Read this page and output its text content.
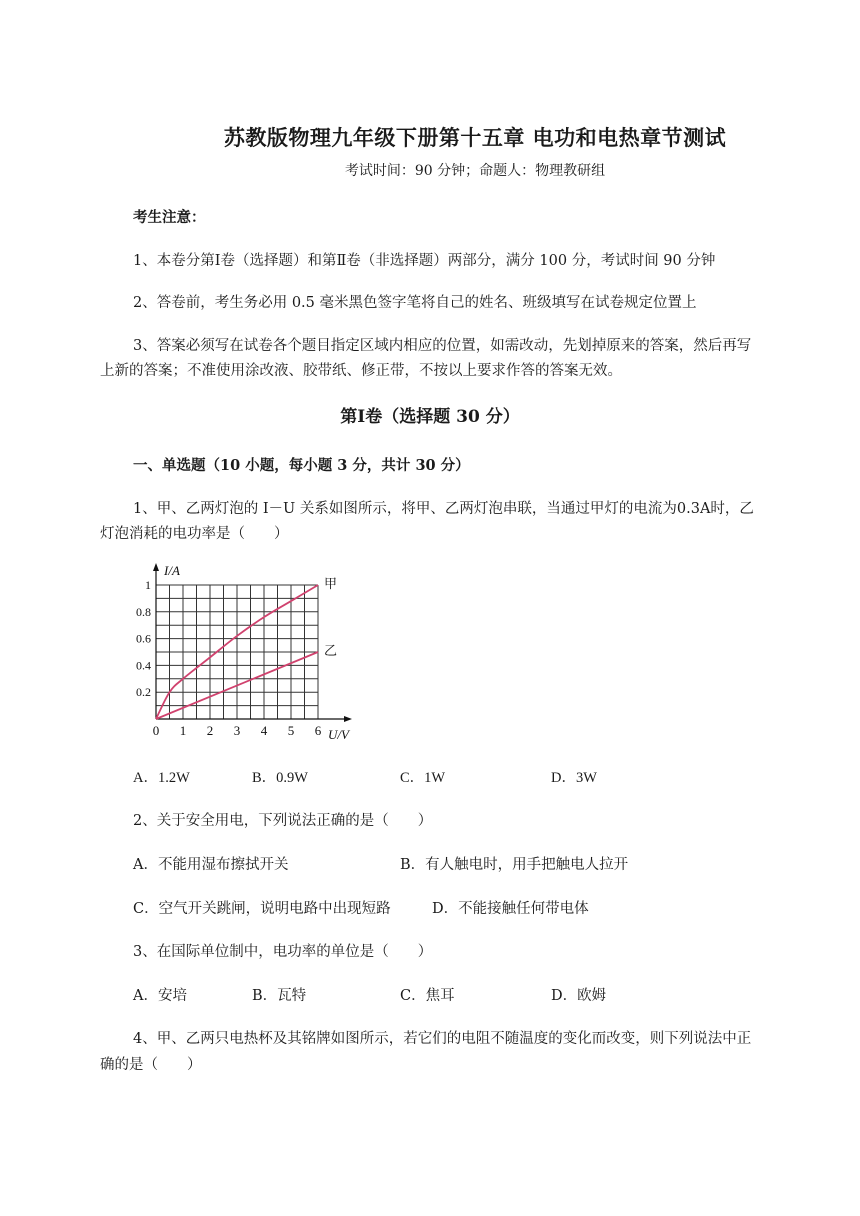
苏教版物理九年级下册第十五章 电功和电热章节测试
考试时间：90 分钟；命题人：物理教研组
考生注意：
1、本卷分第Ⅰ卷（选择题）和第Ⅱ卷（非选择题）两部分，满分 100 分，考试时间 90 分钟
2、答卷前，考生务必用 0.5 毫米黑色签字笔将自己的姓名、班级填写在试卷规定位置上
3、答案必须写在试卷各个题目指定区域内相应的位置，如需改动，先划掉原来的答案，然后再写
上新的答案；不准使用涂改液、胶带纸、修正带，不按以上要求作答的答案无效。
第Ⅰ卷（选择题 30 分）
一、单选题（10 小题，每小题 3 分，共计 30 分）
1、甲、乙两灯泡的 I－U 关系如图所示，将甲、乙两灯泡串联，当通过甲灯的电流为0.3A时，乙
灯泡消耗的电功率是（　　）
0 1 2 3 4 5 6
0.2
0.4
0.6
0.8
1
I/A
U/V
甲
乙
A．1.2W	B．0.9W	C．1W	D．3W
2、关于安全用电，下列说法正确的是（　　）
A．不能用湿布擦拭开关	B．有人触电时，用手把触电人拉开
C．空气开关跳闸，说明电路中出现短路	D．不能接触任何带电体
3、在国际单位制中，电功率的单位是（　　）
A．安培	B．瓦特	C．焦耳	D．欧姆
4、甲、乙两只电热杯及其铭牌如图所示，若它们的电阻不随温度的变化而改变，则下列说法中正
确的是（　　）
